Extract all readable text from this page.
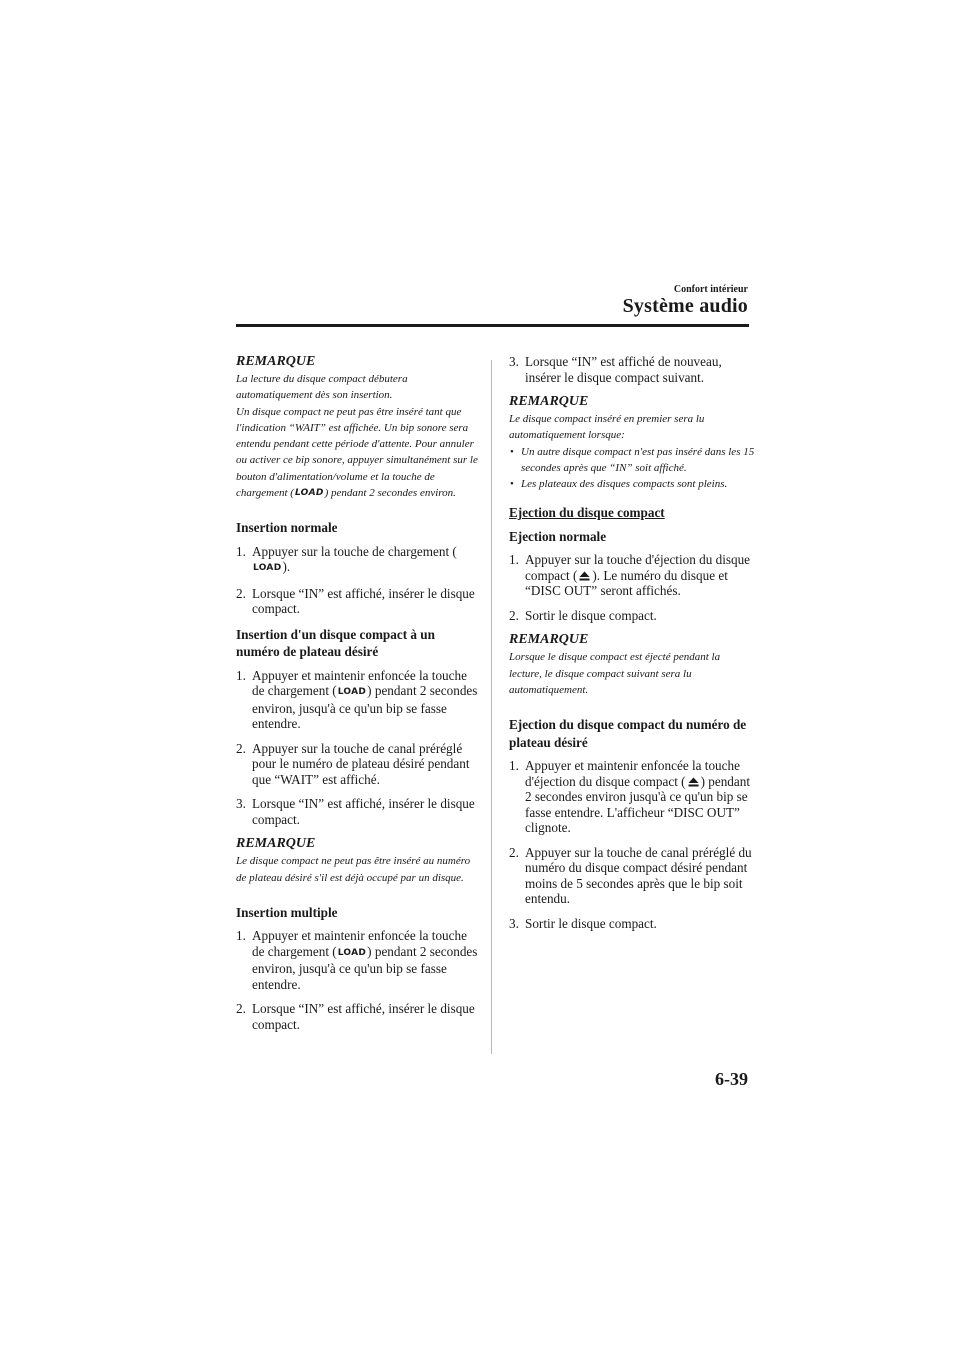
Confort intérieur
Système audio
REMARQUE

La lecture du disque compact débutera automatiquement dès son insertion.

Un disque compact ne peut pas être inséré tant que l'indication “WAIT” est affichée. Un bip sonore sera entendu pendant cette période d'attente. Pour annuler ou activer ce bip sonore, appuyer simultanément sur le bouton d'alimentation/volume et la touche de chargement (LOAD) pendant 2 secondes environ.

Insertion normale
1. Appuyer sur la touche de chargement (LOAD).
2. Lorsque “IN” est affiché, insérer le disque compact.
Insertion d'un disque compact à un numéro de plateau désiré
1. Appuyer et maintenir enfoncée la touche de chargement (LOAD) pendant 2 secondes environ, jusqu'à ce qu'un bip se fasse entendre.
2. Appuyer sur la touche de canal préréglé pour le numéro de plateau désiré pendant que “WAIT” est affiché.
3. Lorsque “IN” est affiché, insérer le disque compact.
REMARQUE
Le disque compact ne peut pas être inséré au numéro de plateau désiré s'il est déjà occupé par un disque.
Insertion multiple
1. Appuyer et maintenir enfoncée la touche de chargement (LOAD) pendant 2 secondes environ, jusqu'à ce qu'un bip se fasse entendre.
2. Lorsque “IN” est affiché, insérer le disque compact.
3. Lorsque “IN” est affiché de nouveau, insérer le disque compact suivant.
REMARQUE
Le disque compact inséré en premier sera lu automatiquement lorsque:
• Un autre disque compact n'est pas inséré dans les 15 secondes après que “IN” soit affiché.
• Les plateaux des disques compacts sont pleins.
Ejection du disque compact
Ejection normale
1. Appuyer sur la touche d'éjection du disque compact ( ). Le numéro du disque et “DISC OUT” seront affichés.
2. Sortir le disque compact.
REMARQUE
Lorsque le disque compact est éjecté pendant la lecture, le disque compact suivant sera lu automatiquement.
Ejection du disque compact du numéro de plateau désiré
1. Appuyer et maintenir enfoncée la touche d'éjection du disque compact ( ) pendant 2 secondes environ jusqu'à ce qu'un bip se fasse entendre. L'afficheur “DISC OUT” clignote.
2. Appuyer sur la touche de canal préréglé du numéro du disque compact désiré pendant moins de 5 secondes après que le bip soit entendu.
3. Sortir le disque compact.
6-39
